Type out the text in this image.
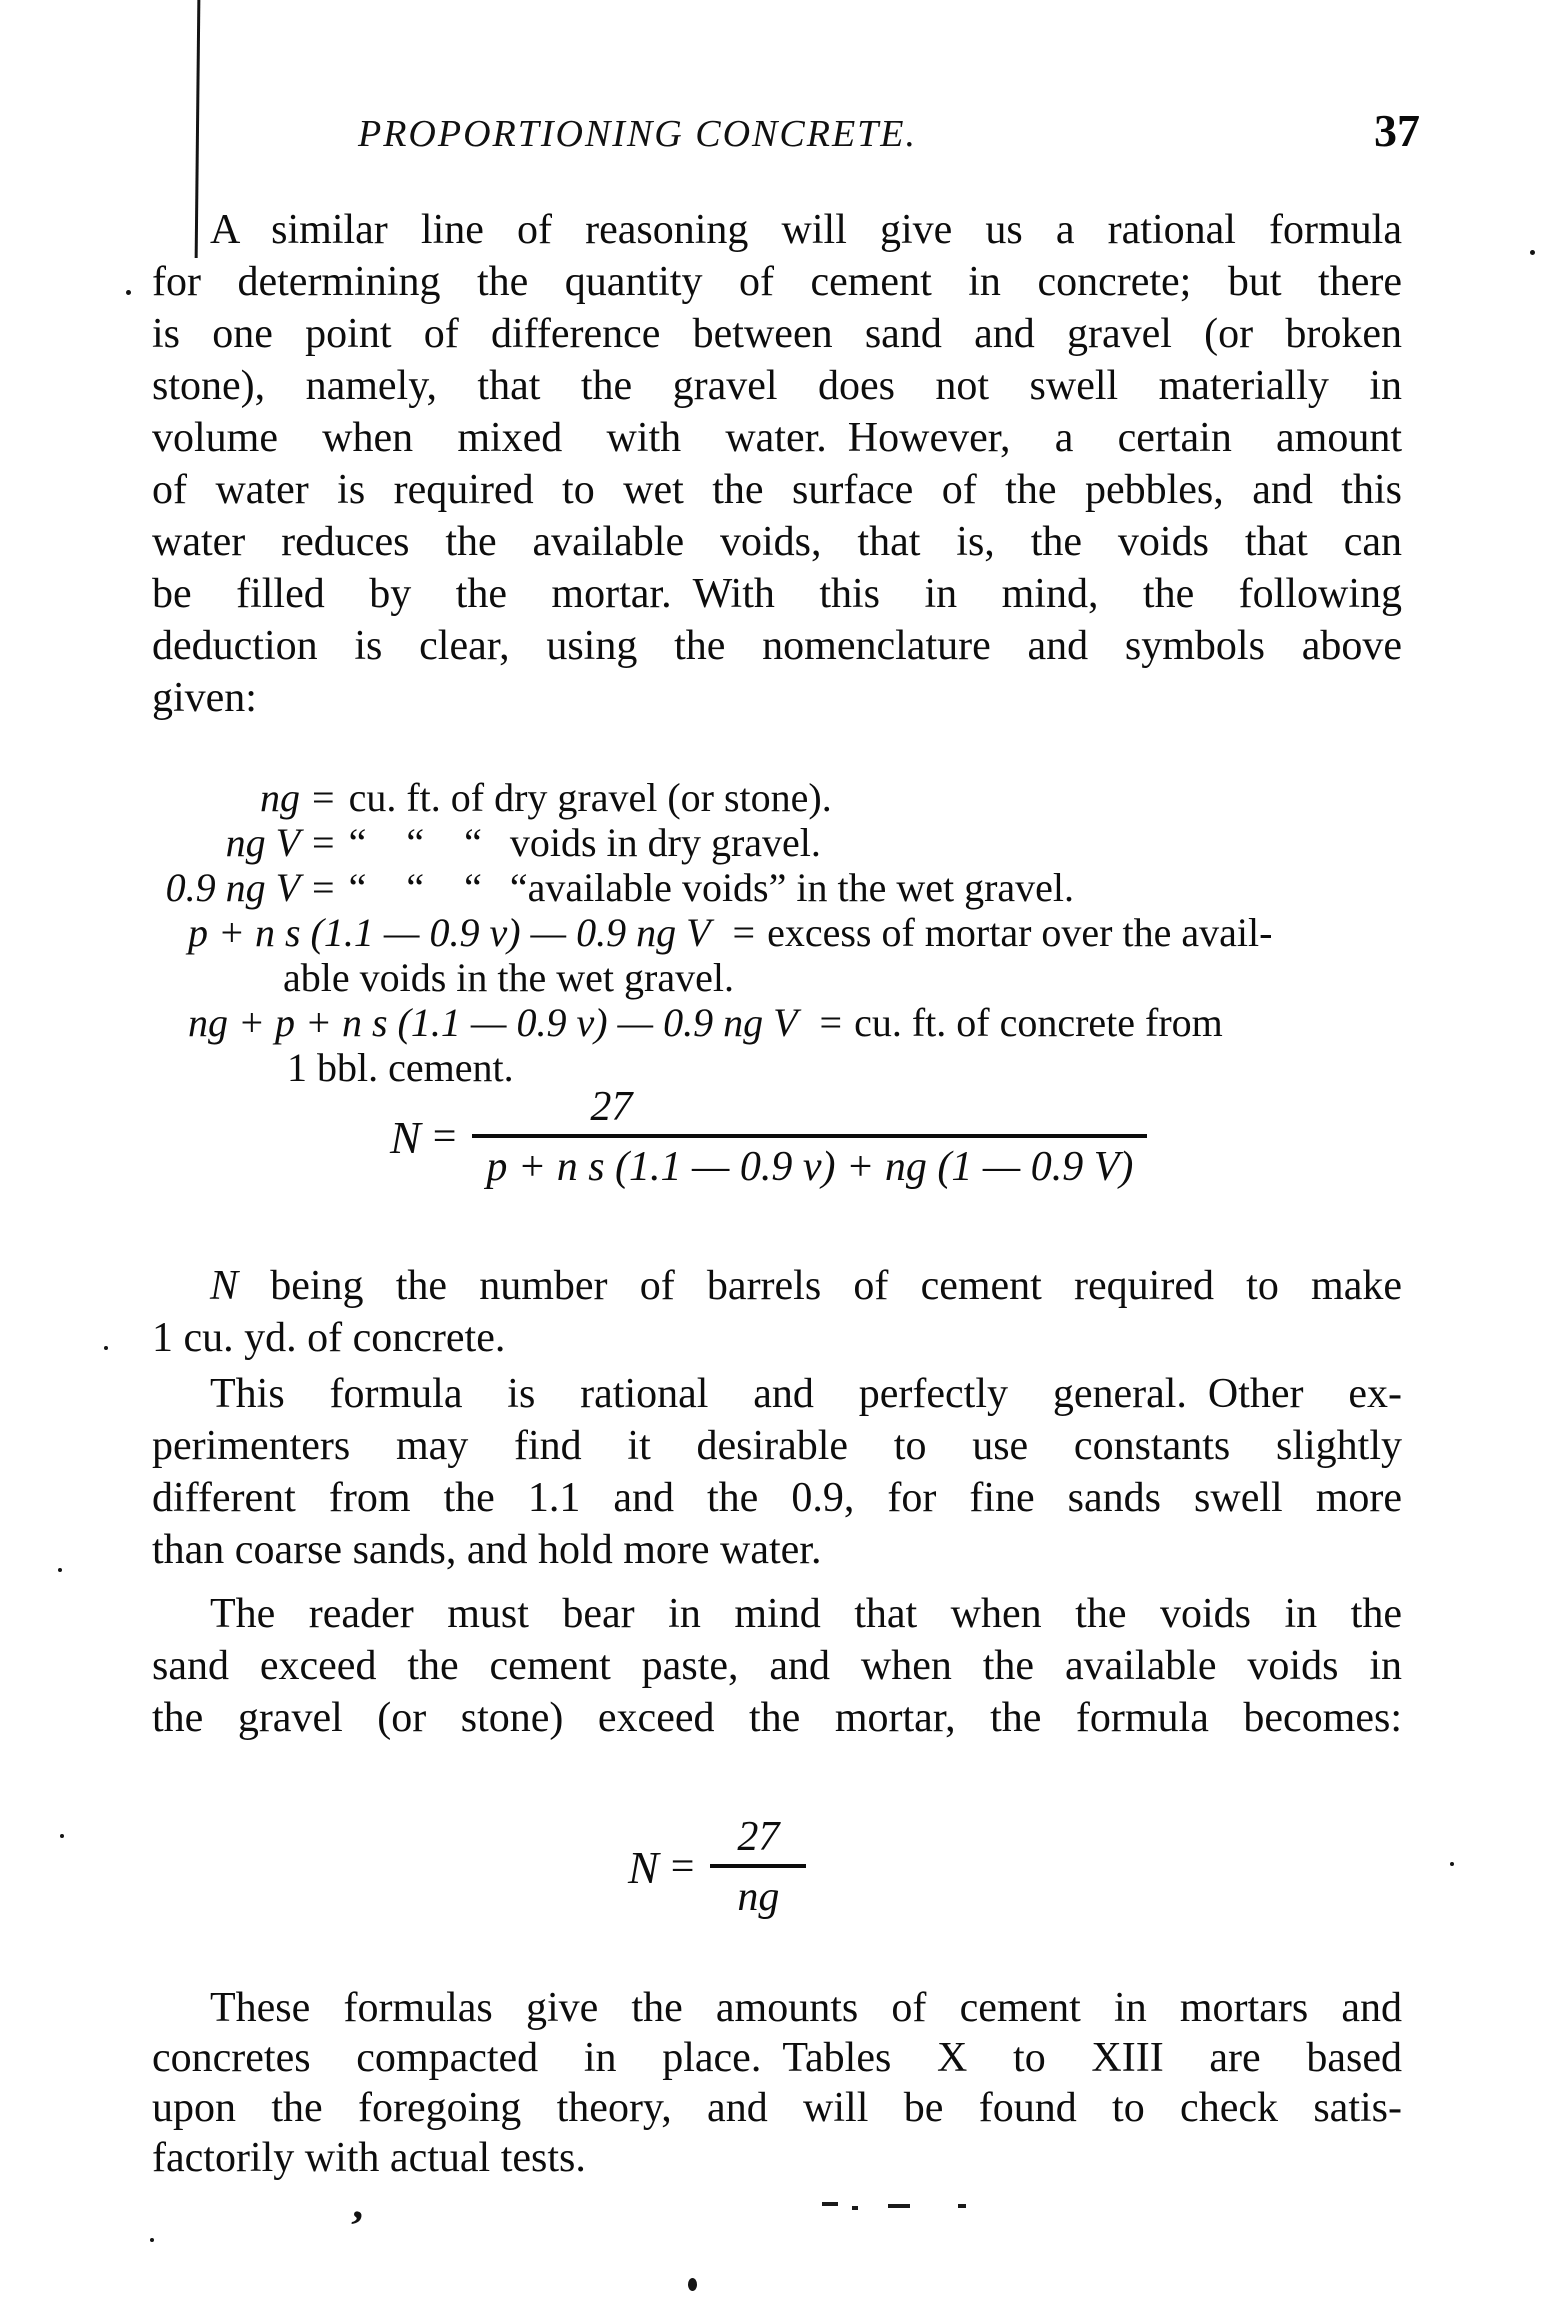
PROPORTIONING CONCRETE.	37
A similar line of reasoning will give us a rational formula
for determining the quantity of cement in concrete; but there
is one point of difference between sand and gravel (or broken
stone), namely, that the gravel does not swell materially in
volume when mixed with water. However, a certain amount
of water is required to wet the surface of the pebbles, and this
water reduces the available voids, that is, the voids that can
be filled by the mortar. With this in mind, the following
deduction is clear, using the nomenclature and symbols above
given:
ng = cu. ft. of dry gravel (or stone).
ng V = “ “ “ voids in dry gravel.
0.9 ng V = “ “ “ “available voids” in the wet gravel.
p + n s (1.1 — 0.9 v) — 0.9 ng V = excess of mortar over the avail-
able voids in the wet gravel.
ng + p + n s (1.1 — 0.9 v) — 0.9 ng V = cu. ft. of concrete from
1 bbl. cement.
$N = \frac{27}{\text{p + n s (1.1 — 0.9 v) + ng (1 — 0.9 V)}}$
N being the number of barrels of cement required to make
1 cu. yd. of concrete.
This formula is rational and perfectly general. Other ex-
perimenters may find it desirable to use constants slightly
different from the 1.1 and the 0.9, for fine sands swell more
than coarse sands, and hold more water.
The reader must bear in mind that when the voids in the
sand exceed the cement paste, and when the available voids in
the gravel (or stone) exceed the mortar, the formula becomes:
$N = \frac{27}{ng}$
These formulas give the amounts of cement in mortars and
concretes compacted in place. Tables X to XIII are based
upon the foregoing theory, and will be found to check satis-
factorily with actual tests.
‚
